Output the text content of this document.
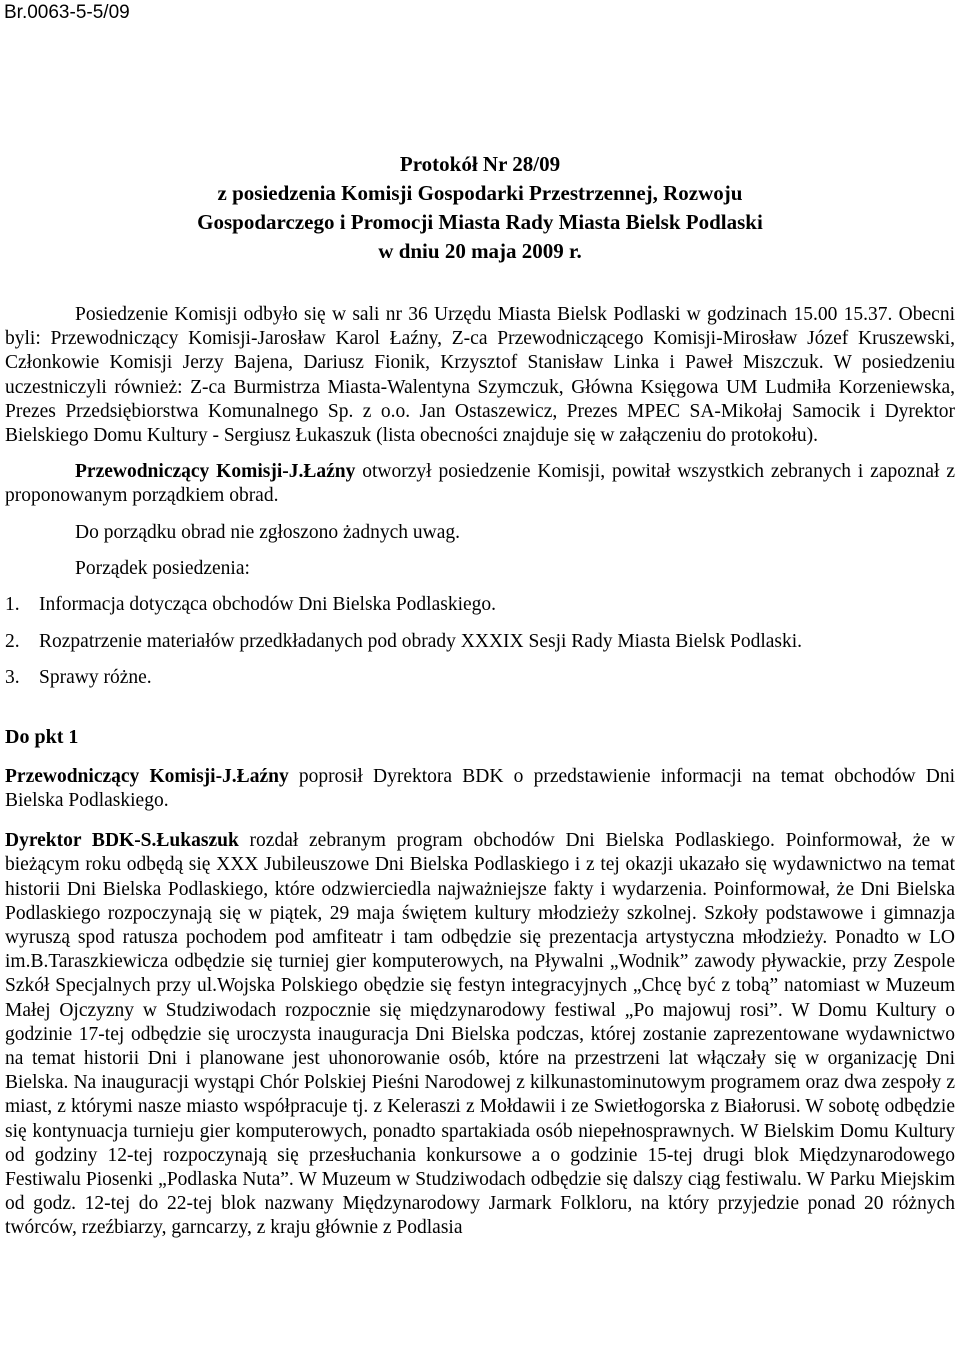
Br.0063-5-5/09
Protokół Nr 28/09
z posiedzenia Komisji Gospodarki Przestrzennej, Rozwoju
Gospodarczego i Promocji Miasta Rady Miasta Bielsk Podlaski
w dniu 20 maja 2009 r.

Posiedzenie Komisji odbyło się w sali nr 36 Urzędu Miasta Bielsk Podlaski w godzinach 15.00 15.37. Obecni byli: Przewodniczący Komisji-Jarosław Karol Łaźny, Z-ca Przewodniczącego Komisji-Mirosław Józef Kruszewski, Członkowie Komisji Jerzy Bajena, Dariusz Fionik, Krzysztof Stanisław Linka i Paweł Miszczuk. W posiedzeniu uczestniczyli również: Z-ca Burmistrza Miasta-Walentyna Szymczuk, Główna Księgowa UM Ludmiła Korzeniewska, Prezes Przedsiębiorstwa Komunalnego Sp. z o.o. Jan Ostaszewicz, Prezes MPEC SA-Mikołaj Samocik i Dyrektor Bielskiego Domu Kultury - Sergiusz Łukaszuk (lista obecności znajduje się w załączeniu do protokołu).

Przewodniczący Komisji-J.Łaźny otworzył posiedzenie Komisji, powitał wszystkich zebranych i zapoznał z proponowanym porządkiem obrad.

Do porządku obrad nie zgłoszono żadnych uwag.

Porządek posiedzenia:

1. Informacja dotycząca obchodów Dni Bielska Podlaskiego.

2. Rozpatrzenie materiałów przedkładanych pod obrady XXXIX Sesji Rady Miasta Bielsk Podlaski.

3. Sprawy różne.

Do pkt 1

Przewodniczący Komisji-J.Łaźny poprosił Dyrektora BDK o przedstawienie informacji na temat obchodów Dni Bielska Podlaskiego.

Dyrektor BDK-S.Łukaszuk rozdał zebranym program obchodów Dni Bielska Podlaskiego. Poinformował, że w bieżącym roku odbędą się XXX Jubileuszowe Dni Bielska Podlaskiego i z tej okazji ukazało się wydawnictwo na temat historii Dni Bielska Podlaskiego, które odzwierciedla najważniejsze fakty i wydarzenia. Poinformował, że Dni Bielska Podlaskiego rozpoczynają się w piątek, 29 maja świętem kultury młodzieży szkolnej. Szkoły podstawowe i gimnazja wyruszą spod ratusza pochodem pod amfiteatr i tam odbędzie się prezentacja artystyczna młodzieży. Ponadto w LO im.B.Taraszkiewicza odbędzie się turniej gier komputerowych, na Pływalni „Wodnik” zawody pływackie, przy Zespole Szkół Specjalnych przy ul.Wojska Polskiego obędzie się festyn integracyjnych „Chcę być z tobą” natomiast w Muzeum Małej Ojczyzny w Studziwodach rozpocznie się międzynarodowy festiwal „Po majowuj rosi”. W Domu Kultury o godzinie 17-tej odbędzie się uroczysta inauguracja Dni Bielska podczas, której zostanie zaprezentowane wydawnictwo na temat historii Dni i planowane jest uhonorowanie osób, które na przestrzeni lat włączały się w organizację Dni Bielska. Na inauguracji wystąpi Chór Polskiej Pieśni Narodowej z kilkunastominutowym programem oraz dwa zespoły z miast, z którymi nasze miasto współpracuje tj. z Keleraszi z Mołdawii i ze Swietłogorska z Białorusi. W sobotę odbędzie się kontynuacja turnieju gier komputerowych, ponadto spartakiada osób niepełnosprawnych. W Bielskim Domu Kultury od godziny 12-tej rozpoczynają się przesłuchania konkursowe a o godzinie 15-tej drugi blok Międzynarodowego Festiwalu Piosenki „Podlaska Nuta”. W Muzeum w Studziwodach odbędzie się dalszy ciąg festiwalu. W Parku Miejskim od godz. 12-tej do 22-tej blok nazwany Międzynarodowy Jarmark Folkloru, na który przyjedzie ponad 20 różnych twórców, rzeźbiarzy, garncarzy, z kraju głównie z Podlasia
